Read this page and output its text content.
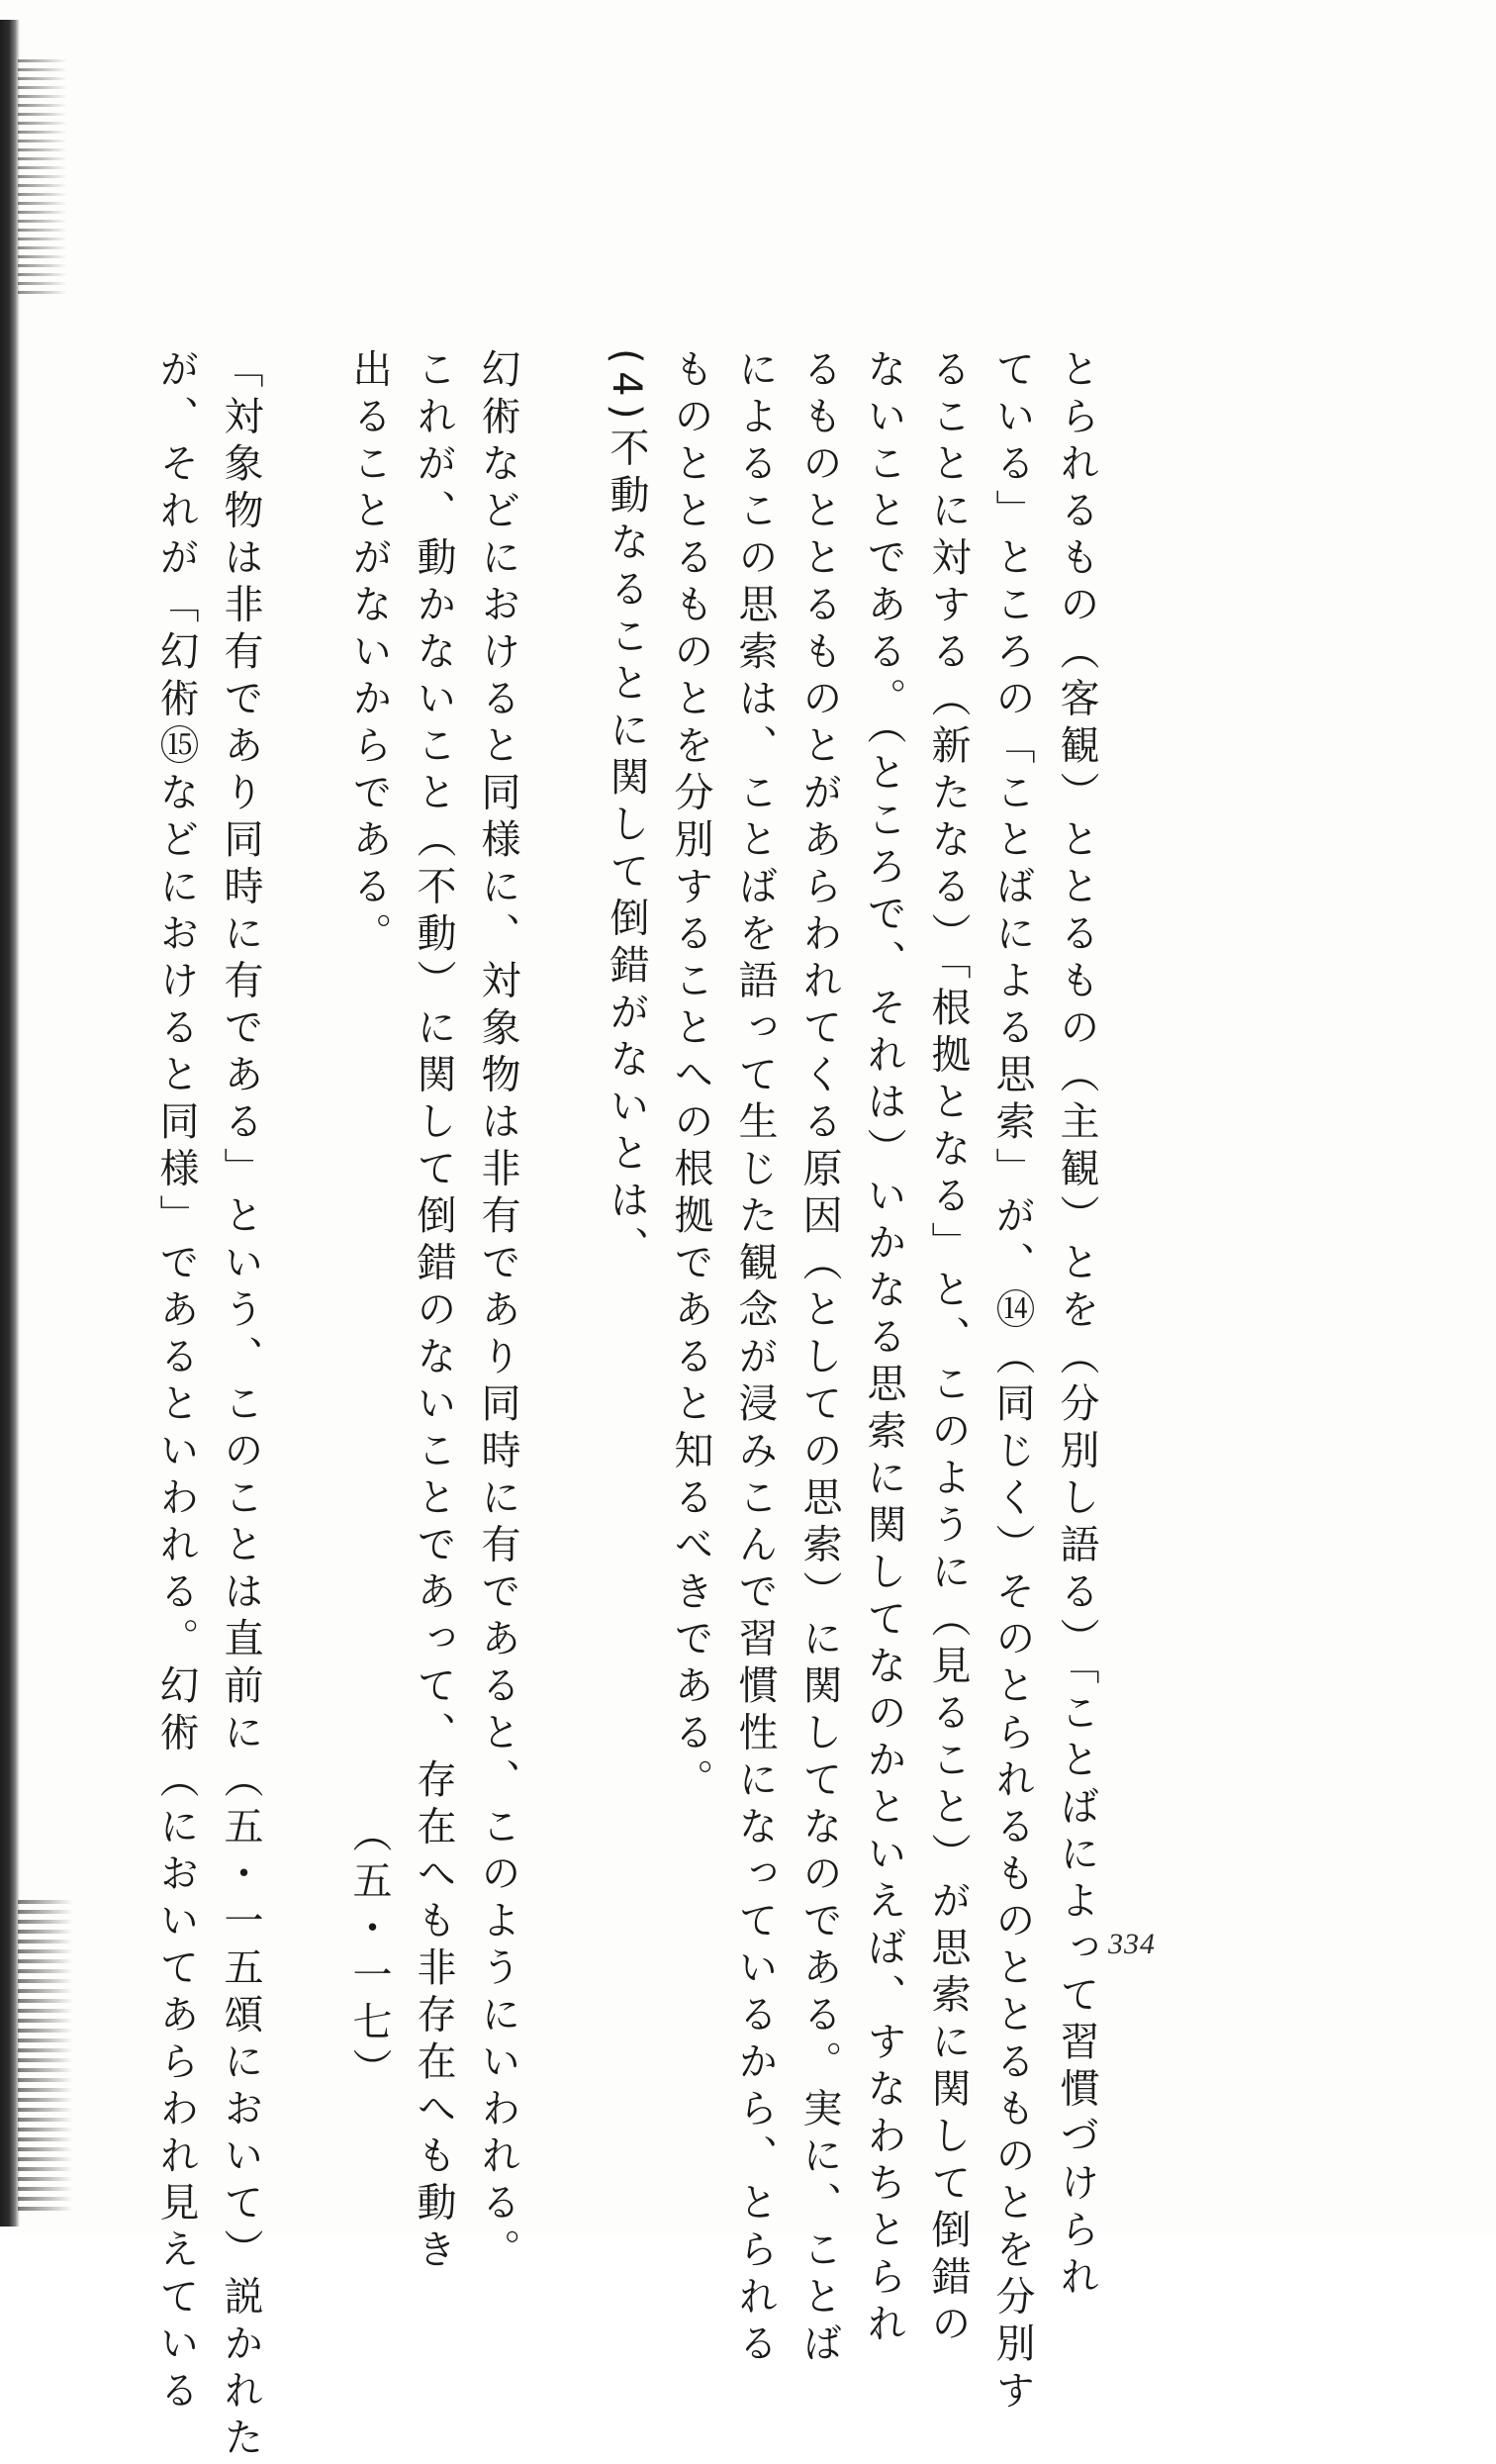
とられるもの（客観）ととるもの（主観）とを（分別し語る）「ことばによって習慣づけられ
ている」ところの「ことばによる思索」が、⑭（同じく）そのとられるものととるものとを分別す
ることに対する（新たなる）「根拠となる」と、このように（見ること）が思索に関して倒錯の
ないことである。（ところで、それは）いかなる思索に関してなのかといえば、すなわちとられ
るものととるものとがあらわれてくる原因（としての思索）に関してなのである。実に、ことば
によるこの思索は、ことばを語って生じた観念が浸みこんで習慣性になっているから、とられる
ものととるものとを分別することへの根拠であると知るべきである。
(4)不動なることに関して倒錯がないとは、
幻術などにおけると同様に、対象物は非有であり同時に有であると、このようにいわれる。
これが、動かないこと（不動）に関して倒錯のないことであって、存在へも非存在へも動き
出ることがないからである。　　　　　　　　　　　　　　　　　　　（五・一七）
「対象物は非有であり同時に有である」という、このことは直前に（五・一五頌において）説かれた
が、それが「幻術⑮などにおけると同様」であるといわれる。幻術（においてあらわれ見えている	334
